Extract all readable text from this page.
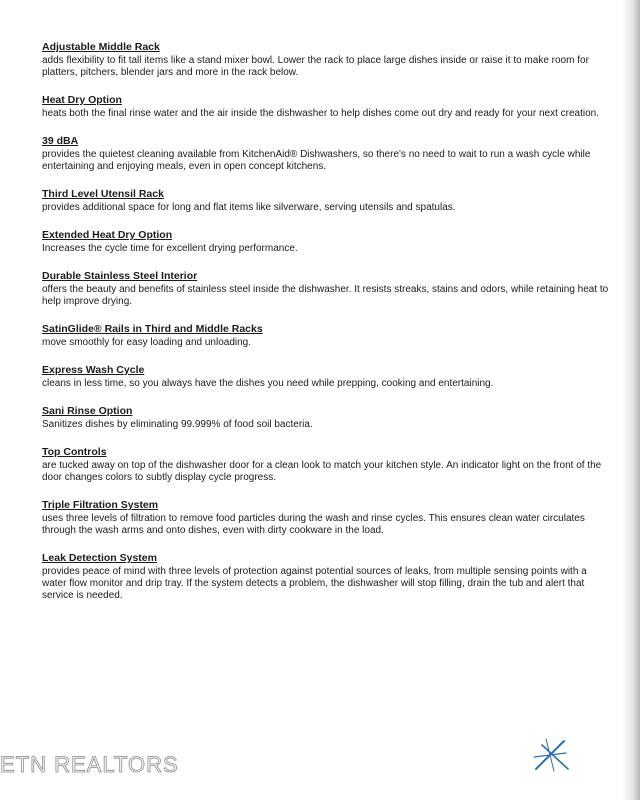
Adjustable Middle Rack

adds flexibility to fit tall items like a stand mixer bowl. Lower the rack to place large dishes inside or raise it to make room for platters, pitchers, blender jars and more in the rack below.

Heat Dry Option

heats both the final rinse water and the air inside the dishwasher to help dishes come out dry and ready for your next creation.

39 dBA

provides the quietest cleaning available from KitchenAid® Dishwashers, so there's no need to wait to run a wash cycle while entertaining and enjoying meals, even in open concept kitchens.

Third Level Utensil Rack

provides additional space for long and flat items like silverware, serving utensils and spatulas.

Extended Heat Dry Option

Increases the cycle time for excellent drying performance.

Durable Stainless Steel Interior

offers the beauty and benefits of stainless steel inside the dishwasher. It resists streaks, stains and odors, while retaining heat to help improve drying.

SatinGlide® Rails in Third and Middle Racks

move smoothly for easy loading and unloading.

Express Wash Cycle

cleans in less time, so you always have the dishes you need while prepping, cooking and entertaining.

Sani Rinse Option

Sanitizes dishes by eliminating 99.999% of food soil bacteria.

Top Controls

are tucked away on top of the dishwasher door for a clean look to match your kitchen style. An indicator light on the front of the door changes colors to subtly display cycle progress.

Triple Filtration System

uses three levels of filtration to remove food particles during the wash and rinse cycles. This ensures clean water circulates through the wash arms and onto dishes, even with dirty cookware in the load.

Leak Detection System

provides peace of mind with three levels of protection against potential sources of leaks, from multiple sensing points with a water flow monitor and drip tray. If the system detects a problem, the dishwasher will stop filling, drain the tub and alert that service is needed.

ETN REALTORS
